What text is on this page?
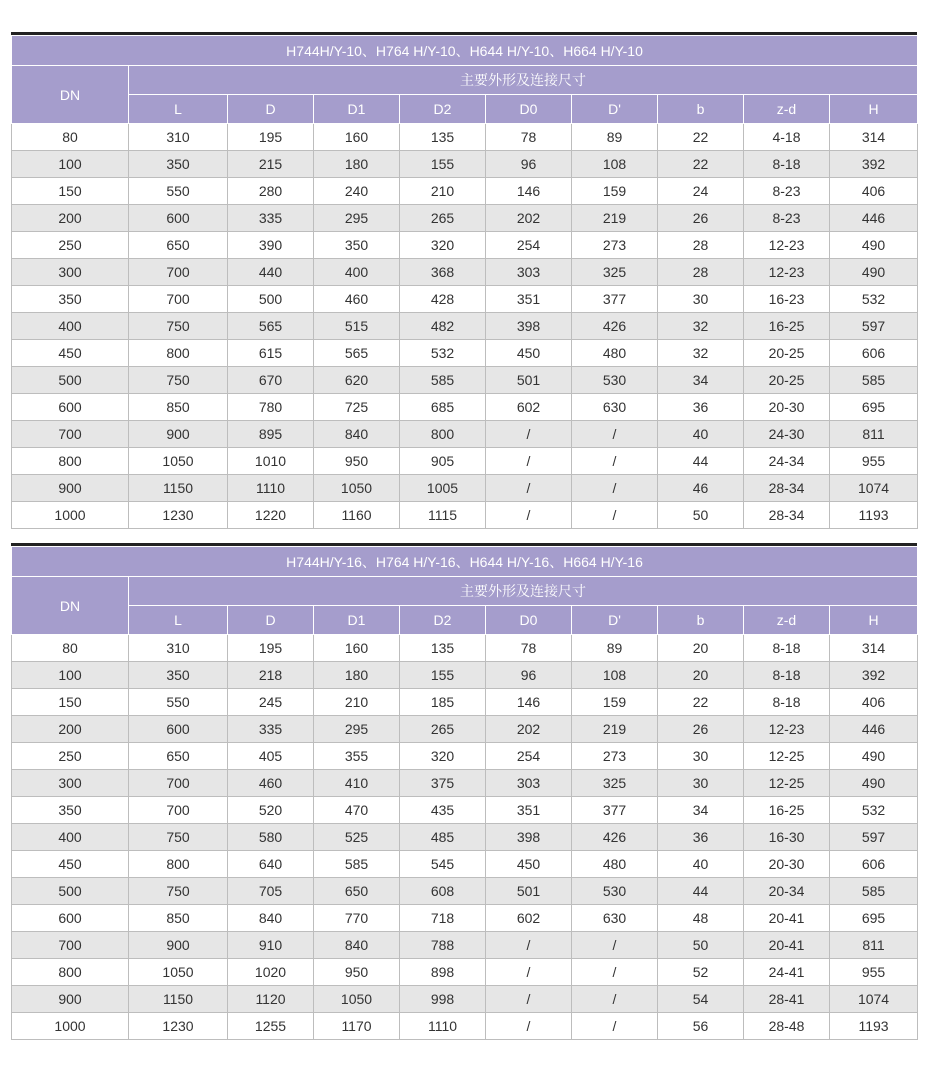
H744H/Y-10、H764 H/Y-10、H644 H/Y-10、H664 H/Y-10									
DN	主要外形及连接尺寸								
	L	D	D1	D2	D0	D'	b	z-d	H
80	310	195	160	135	78	89	22	4-18	314
100	350	215	180	155	96	108	22	8-18	392
150	550	280	240	210	146	159	24	8-23	406
200	600	335	295	265	202	219	26	8-23	446
250	650	390	350	320	254	273	28	12-23	490
300	700	440	400	368	303	325	28	12-23	490
350	700	500	460	428	351	377	30	16-23	532
400	750	565	515	482	398	426	32	16-25	597
450	800	615	565	532	450	480	32	20-25	606
500	750	670	620	585	501	530	34	20-25	585
600	850	780	725	685	602	630	36	20-30	695
700	900	895	840	800	/	/	40	24-30	811
800	1050	1010	950	905	/	/	44	24-34	955
900	1150	1110	1050	1005	/	/	46	28-34	1074
1000	1230	1220	1160	1115	/	/	50	28-34	1193
H744H/Y-16、H764 H/Y-16、H644 H/Y-16、H664 H/Y-16									
DN	主要外形及连接尺寸								
	L	D	D1	D2	D0	D'	b	z-d	H
80	310	195	160	135	78	89	20	8-18	314
100	350	218	180	155	96	108	20	8-18	392
150	550	245	210	185	146	159	22	8-18	406
200	600	335	295	265	202	219	26	12-23	446
250	650	405	355	320	254	273	30	12-25	490
300	700	460	410	375	303	325	30	12-25	490
350	700	520	470	435	351	377	34	16-25	532
400	750	580	525	485	398	426	36	16-30	597
450	800	640	585	545	450	480	40	20-30	606
500	750	705	650	608	501	530	44	20-34	585
600	850	840	770	718	602	630	48	20-41	695
700	900	910	840	788	/	/	50	20-41	811
800	1050	1020	950	898	/	/	52	24-41	955
900	1150	1120	1050	998	/	/	54	28-41	1074
1000	1230	1255	1170	1110	/	/	56	28-48	1193
